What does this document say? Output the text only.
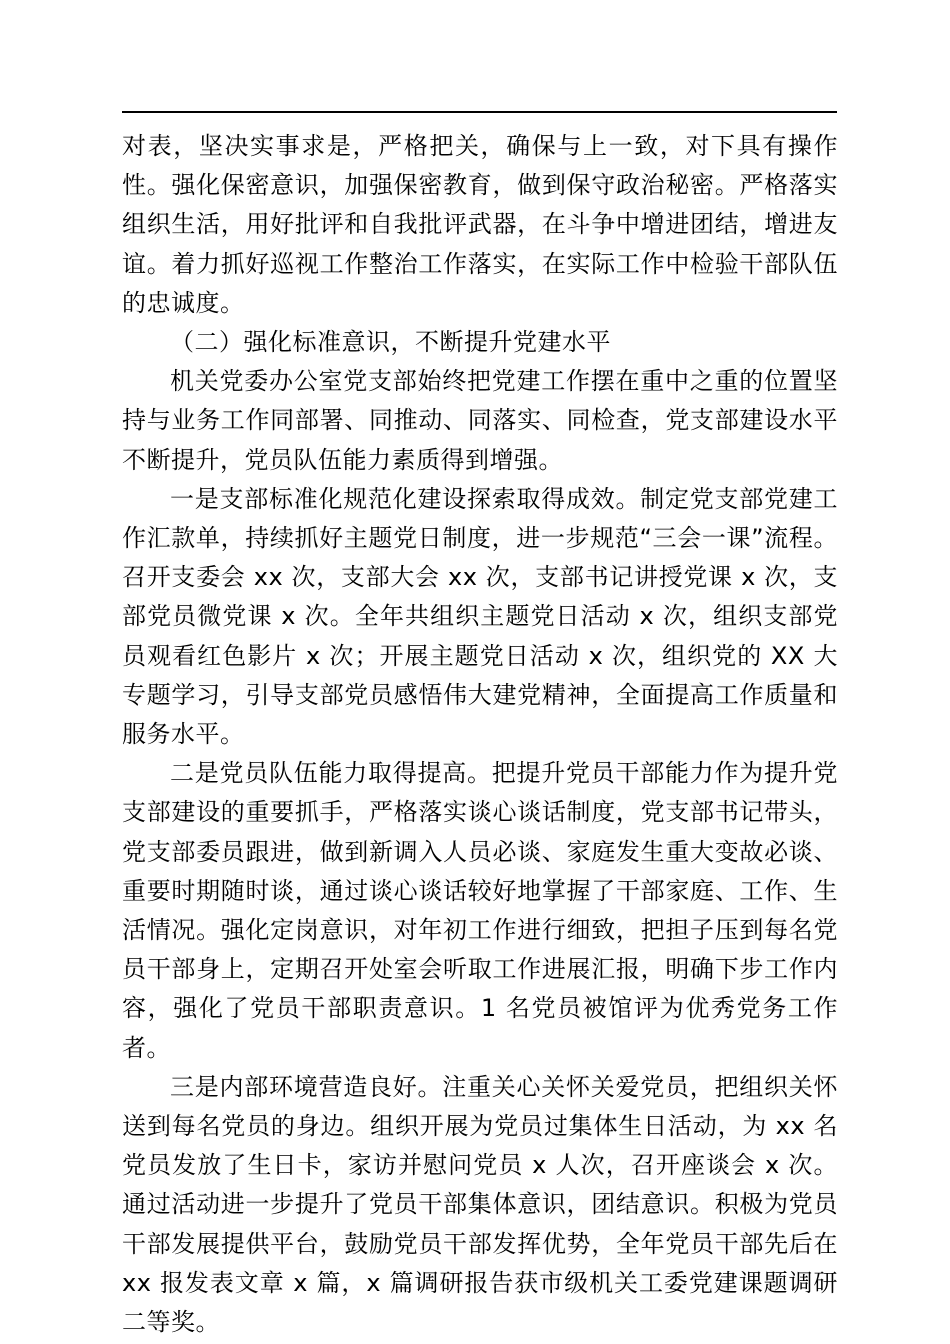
对表，坚决实事求是，严格把关，确保与上一致，对下具有操作性。强化保密意识，加强保密教育，做到保守政治秘密。严格落实组织生活，用好批评和自我批评武器，在斗争中增进团结，增进友谊。着力抓好巡视工作整治工作落实，在实际工作中检验干部队伍的忠诚度。

（二）强化标准意识，不断提升党建水平

机关党委办公室党支部始终把党建工作摆在重中之重的位置坚持与业务工作同部署、同推动、同落实、同检查，党支部建设水平不断提升，党员队伍能力素质得到增强。

一是支部标准化规范化建设探索取得成效。制定党支部党建工作汇款单，持续抓好主题党日制度，进一步规范“三会一课”流程。召开支委会 xx 次，支部大会 xx 次，支部书记讲授党课 x 次，支部党员微党课 x 次。全年共组织主题党日活动 x 次，组织支部党员观看红色影片 x 次；开展主题党日活动 x 次，组织党的 XX 大专题学习，引导支部党员感悟伟大建党精神，全面提高工作质量和服务水平。

二是党员队伍能力取得提高。把提升党员干部能力作为提升党支部建设的重要抓手，严格落实谈心谈话制度，党支部书记带头，党支部委员跟进，做到新调入人员必谈、家庭发生重大变故必谈、重要时期随时谈，通过谈心谈话较好地掌握了干部家庭、工作、生活情况。强化定岗意识，对年初工作进行细致，把担子压到每名党员干部身上，定期召开处室会听取工作进展汇报，明确下步工作内容，强化了党员干部职责意识。1 名党员被馆评为优秀党务工作者。

三是内部环境营造良好。注重关心关怀关爱党员，把组织关怀送到每名党员的身边。组织开展为党员过集体生日活动，为 xx 名党员发放了生日卡，家访并慰问党员 x 人次，召开座谈会 x 次。通过活动进一步提升了党员干部集体意识，团结意识。积极为党员干部发展提供平台，鼓励党员干部发挥优势，全年党员干部先后在 xx 报发表文章 x 篇，x 篇调研报告获市级机关工委党建课题调研二等奖。
